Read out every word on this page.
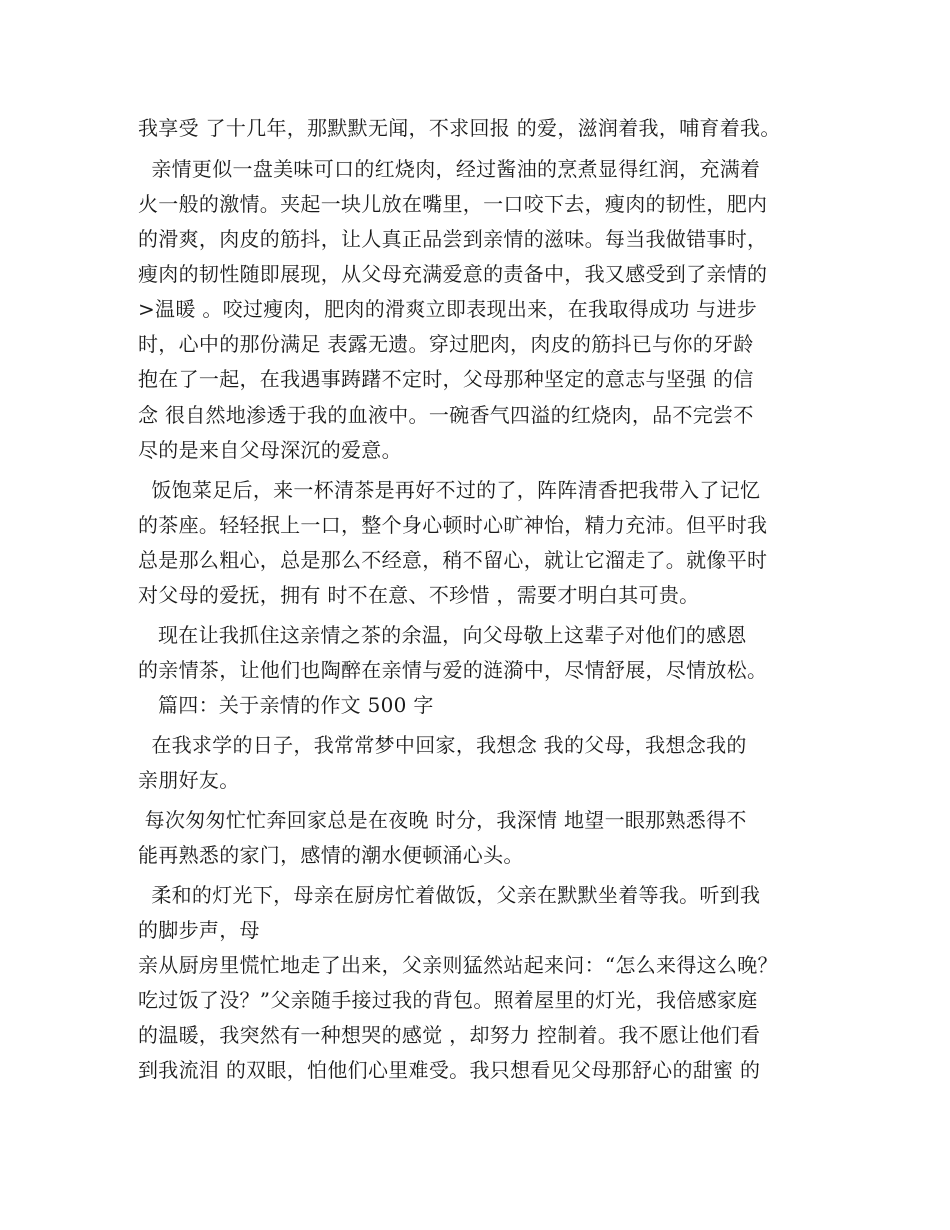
我享受 了十几年，那默默无闻，不求回报 的爱，滋润着我，哺育着我。
亲情更似一盘美味可口的红烧肉，经过酱油的烹煮显得红润，充满着
火一般的激情。夹起一块儿放在嘴里，一口咬下去，瘦肉的韧性，肥内
的滑爽，肉皮的筋抖，让人真正品尝到亲情的滋味。每当我做错事时，
瘦肉的韧性随即展现，从父母充满爱意的责备中，我又感受到了亲情的
>温暖 。咬过瘦肉，肥肉的滑爽立即表现出来，在我取得成功 与进步
时，心中的那份满足 表露无遗。穿过肥肉，肉皮的筋抖已与你的牙龄
抱在了一起，在我遇事踌躇不定时，父母那种坚定的意志与坚强 的信
念 很自然地渗透于我的血液中。一碗香气四溢的红烧肉，品不完尝不
尽的是来自父母深沉的爱意。
饭饱菜足后，来一杯清茶是再好不过的了，阵阵清香把我带入了记忆
的茶座。轻轻抿上一口，整个身心顿时心旷神怡，精力充沛。但平时我
总是那么粗心，总是那么不经意，稍不留心，就让它溜走了。就像平时
对父母的爱抚，拥有 时不在意、不珍惜 ，需要才明白其可贵。
现在让我抓住这亲情之茶的余温，向父母敬上这辈子对他们的感恩
的亲情茶，让他们也陶醉在亲情与爱的涟漪中，尽情舒展，尽情放松。
篇四：关于亲情的作文 500 字
在我求学的日子，我常常梦中回家，我想念 我的父母，我想念我的
亲朋好友。
每次匆匆忙忙奔回家总是在夜晚 时分，我深情 地望一眼那熟悉得不
能再熟悉的家门，感情的潮水便顿涌心头。
柔和的灯光下，母亲在厨房忙着做饭，父亲在默默坐着等我。听到我
的脚步声，母
亲从厨房里慌忙地走了出来，父亲则猛然站起来问：“怎么来得这么晚？
吃过饭了没？”父亲随手接过我的背包。照着屋里的灯光，我倍感家庭
的温暖，我突然有一种想哭的感觉 ，却努力 控制着。我不愿让他们看
到我流泪 的双眼，怕他们心里难受。我只想看见父母那舒心的甜蜜 的
